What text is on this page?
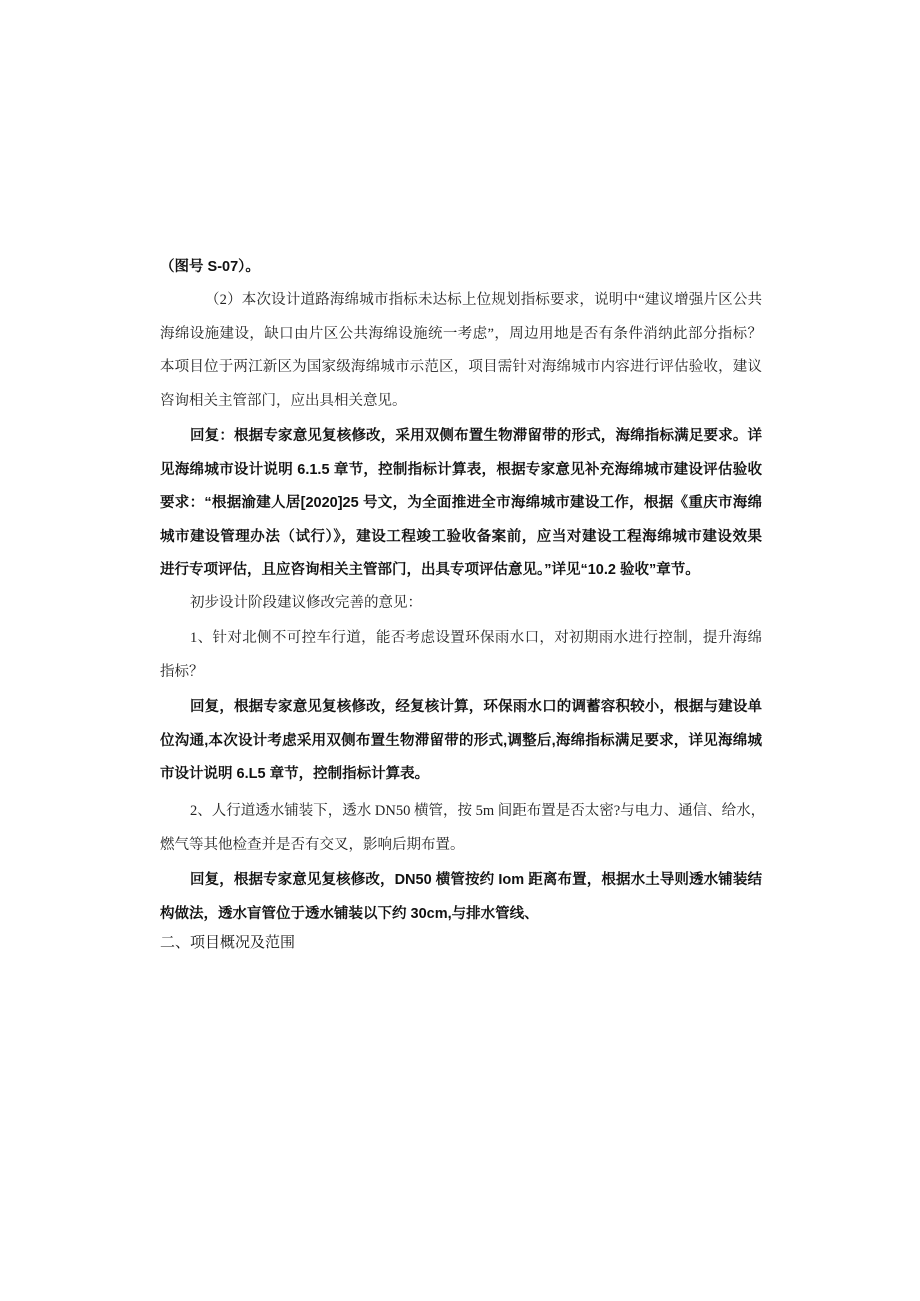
（图号 S-07）。
（2）本次设计道路海绵城市指标未达标上位规划指标要求，说明中“建议增强片区公共
海绵设施建设，缺口由片区公共海绵设施统一考虑”，周边用地是否有条件消纳此部分指标？
本项目位于两江新区为国家级海绵城市示范区，项目需针对海绵城市内容进行评估验收，建议
咨询相关主管部门，应出具相关意见。
回复：根据专家意见复核修改，采用双侧布置生物滞留带的形式，海绵指标满足要求。详
见海绵城市设计说明 6.1.5 章节，控制指标计算表，根据专家意见补充海绵城市建设评估验收
要求：“根据渝建人居[2020]25 号文，为全面推进全市海绵城市建设工作，根据《重庆市海绵
城市建设管理办法（试行）》，建设工程竣工验收备案前，应当对建设工程海绵城市建设效果
进行专项评估，且应咨询相关主管部门，出具专项评估意见。”详见“10.2 验收”章节。
初步设计阶段建议修改完善的意见：
1、针对北侧不可控车行道，能否考虑设置环保雨水口，对初期雨水进行控制，提升海绵
指标？
回复，根据专家意见复核修改，经复核计算，环保雨水口的调蓄容积较小，根据与建设单
位沟通,本次设计考虑采用双侧布置生物滞留带的形式,调整后,海绵指标满足要求，详见海绵城
市设计说明 6.L5 章节，控制指标计算表。
2、人行道透水铺装下，透水 DN50 横管，按 5m 间距布置是否太密?与电力、通信、给水，
燃气等其他检查并是否有交叉，影响后期布置。
回复，根据专家意见复核修改，DN50 横管按约 Iom 距离布置，根据水土导则透水铺装结
构做法，透水盲管位于透水铺装以下约 30cm,与排水管线、
二、项目概况及范围
